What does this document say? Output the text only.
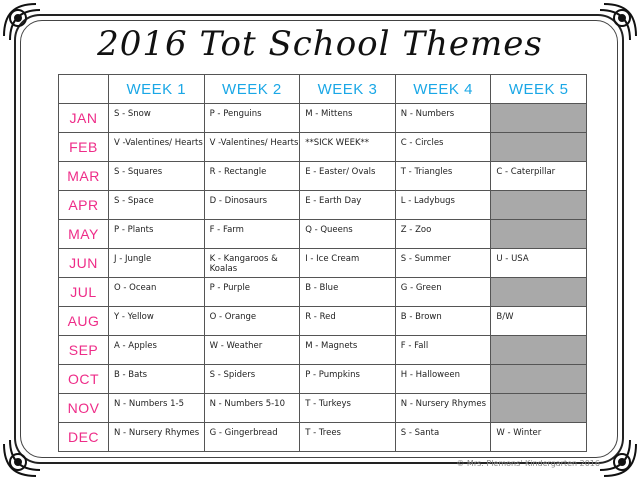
2016 Tot School Themes
	WEEK 1	WEEK 2	WEEK 3	WEEK 4	WEEK 5
JAN	S - Snow	P - Penguins	M - Mittens	N - Numbers	
FEB	V -Valentines/ Hearts	V -Valentines/ Hearts	**SICK WEEK**	C - Circles	
MAR	S - Squares	R - Rectangle	E - Easter/ Ovals	T - Triangles	C - Caterpillar
APR	S - Space	D - Dinosaurs	E - Earth Day	L - Ladybugs	
MAY	P - Plants	F - Farm	Q - Queens	Z - Zoo	
JUN	J - Jungle	K - Kangaroos & Koalas	I - Ice Cream	S - Summer	U - USA
JUL	O - Ocean	P - Purple	B - Blue	G - Green	
AUG	Y - Yellow	O - Orange	R - Red	B - Brown	B/W
SEP	A - Apples	W - Weather	M - Magnets	F - Fall	
OCT	B - Bats	S - Spiders	P - Pumpkins	H - Halloween	
NOV	N - Numbers 1-5	N - Numbers 5-10	T - Turkeys	N - Nursery Rhymes	
DEC	N - Nursery Rhymes	G - Gingerbread	T - Trees	S - Santa	W - Winter
© Mrs. Plemons' Kindergarten 2016
